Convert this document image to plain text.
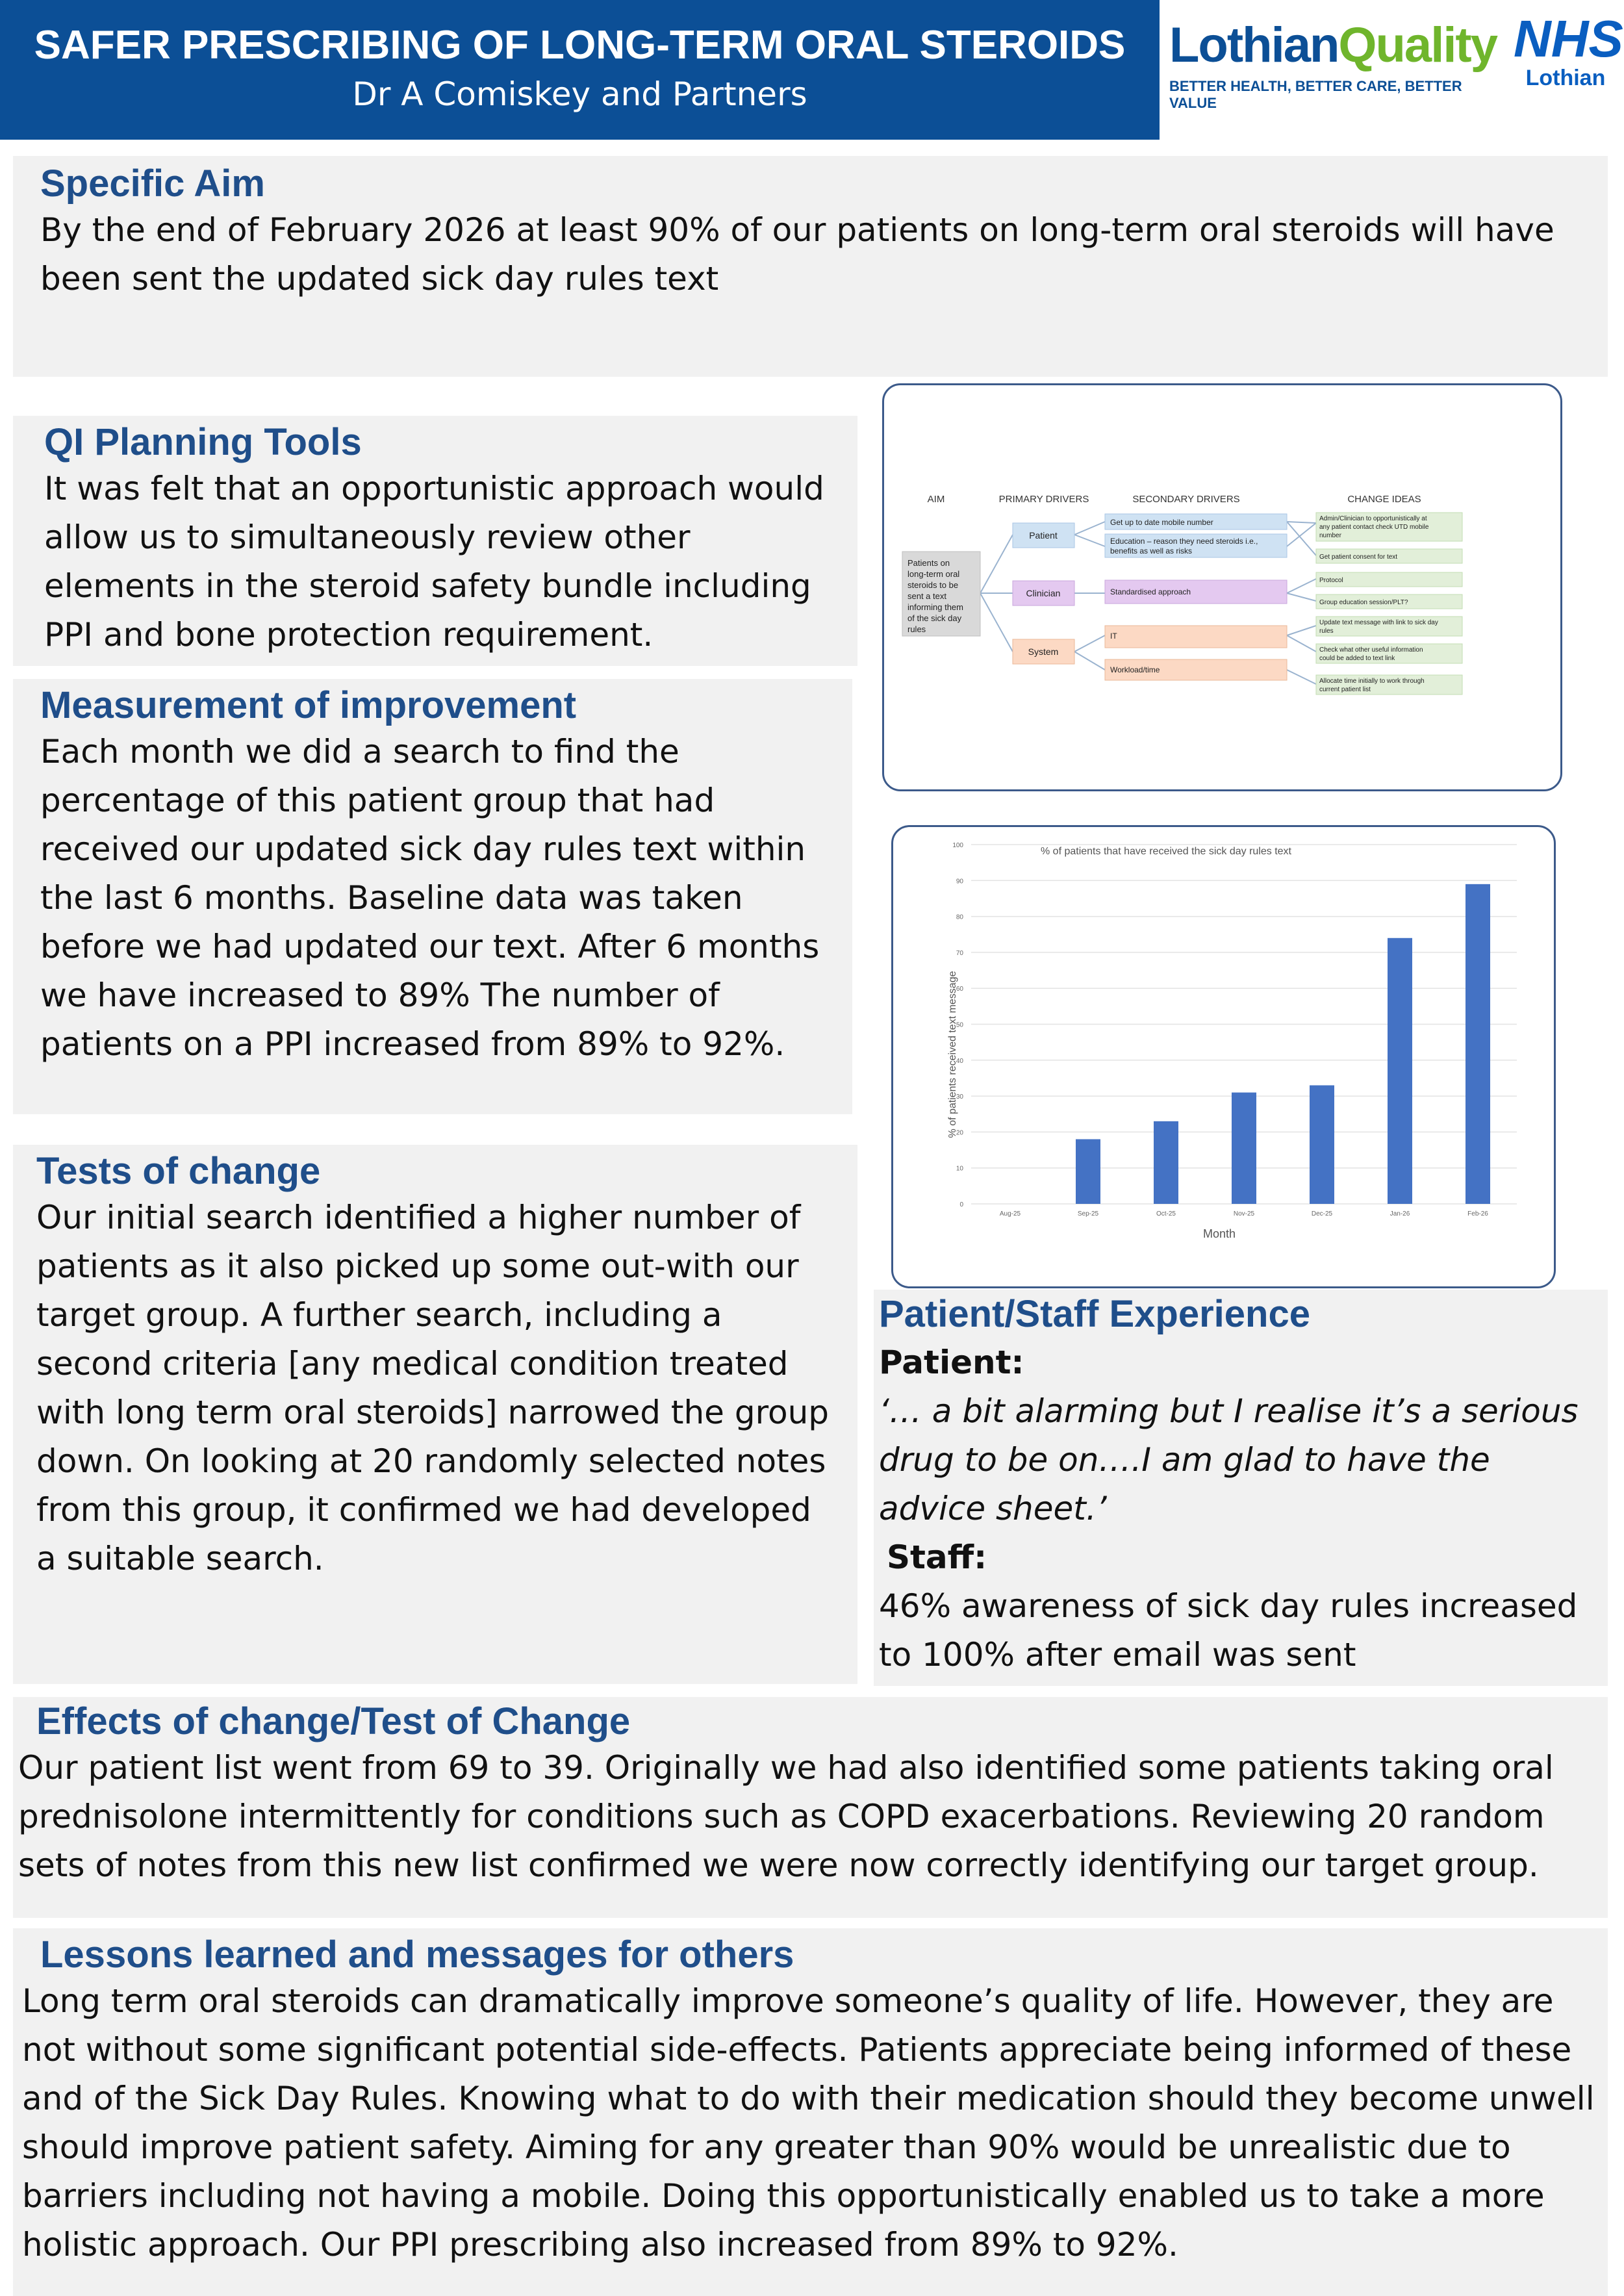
SAFER PRESCRIBING OF LONG-TERM ORAL STEROIDS
Dr A Comiskey and Partners
LothianQuality
BETTER HEALTH, BETTER CARE, BETTER VALUE
NHS
Lothian
Specific Aim

By the end of February 2026 at least 90% of our patients on long-term oral steroids will have been sent the updated sick day rules text

QI Planning Tools

It was felt that an opportunistic approach would allow us to simultaneously review other elements in the steroid safety bundle including PPI and bone protection requirement.

Measurement of improvement

Each month we did a search to find the percentage of this patient group that had received our updated sick day rules text within the last 6 months. Baseline data was taken before we had updated our text. After 6 months we have increased to 89% The number of patients on a PPI increased from 89% to 92%.

Tests of change

Our initial search identified a higher number of patients as it also picked up some out-with our target group. A further search, including a second criteria [any medical condition treated with long term oral steroids] narrowed the group down. On looking at 20 randomly selected notes from this group, it confirmed we had developed a suitable search.

AIM	PRIMARY DRIVERS	SECONDARY DRIVERS	CHANGE IDEAS
Patients on long-term oral steroids to be sent a text informing them of the sick day rules
Patient
Clinician
System
Get up to date mobile number
Education – reason they need steroids i.e., benefits as well as risks
Standardised approach
IT
Workload/time
Admin/Clinician to opportunistically at any patient contact check UTD mobile number
Get patient consent for text
Protocol
Group education session/PLT?
Update text message with link to sick day rules
Check what other useful information could be added to text link
Allocate time initially to work through current patient list
% of patients that have received the sick day rules text
Month
% of patients received text message
0
10
20
30
40
50
60
70
80
90
100
Aug-25	Sep-25	Oct-25	Nov-25	Dec-25	Jan-26	Feb-26
Patient/Staff Experience

Patient:

‘… a bit alarming but I realise it’s a serious drug to be on….I am glad to have the advice sheet.’

Staff:

46% awareness of sick day rules increased to 100% after email was sent

Effects of change/Test of Change

Our patient list went from 69 to 39. Originally we had also identified some patients taking oral prednisolone intermittently for conditions such as COPD exacerbations. Reviewing 20 random sets of notes from this new list confirmed we were now correctly identifying our target group.

Lessons learned and messages for others

Long term oral steroids can dramatically improve someone’s quality of life. However, they are not without some significant potential side-effects. Patients appreciate being informed of these and of the Sick Day Rules. Knowing what to do with their medication should they become unwell should improve patient safety. Aiming for any greater than 90% would be unrealistic due to barriers including not having a mobile. Doing this opportunistically enabled us to take a more holistic approach. Our PPI prescribing also increased from 89% to 92%.
